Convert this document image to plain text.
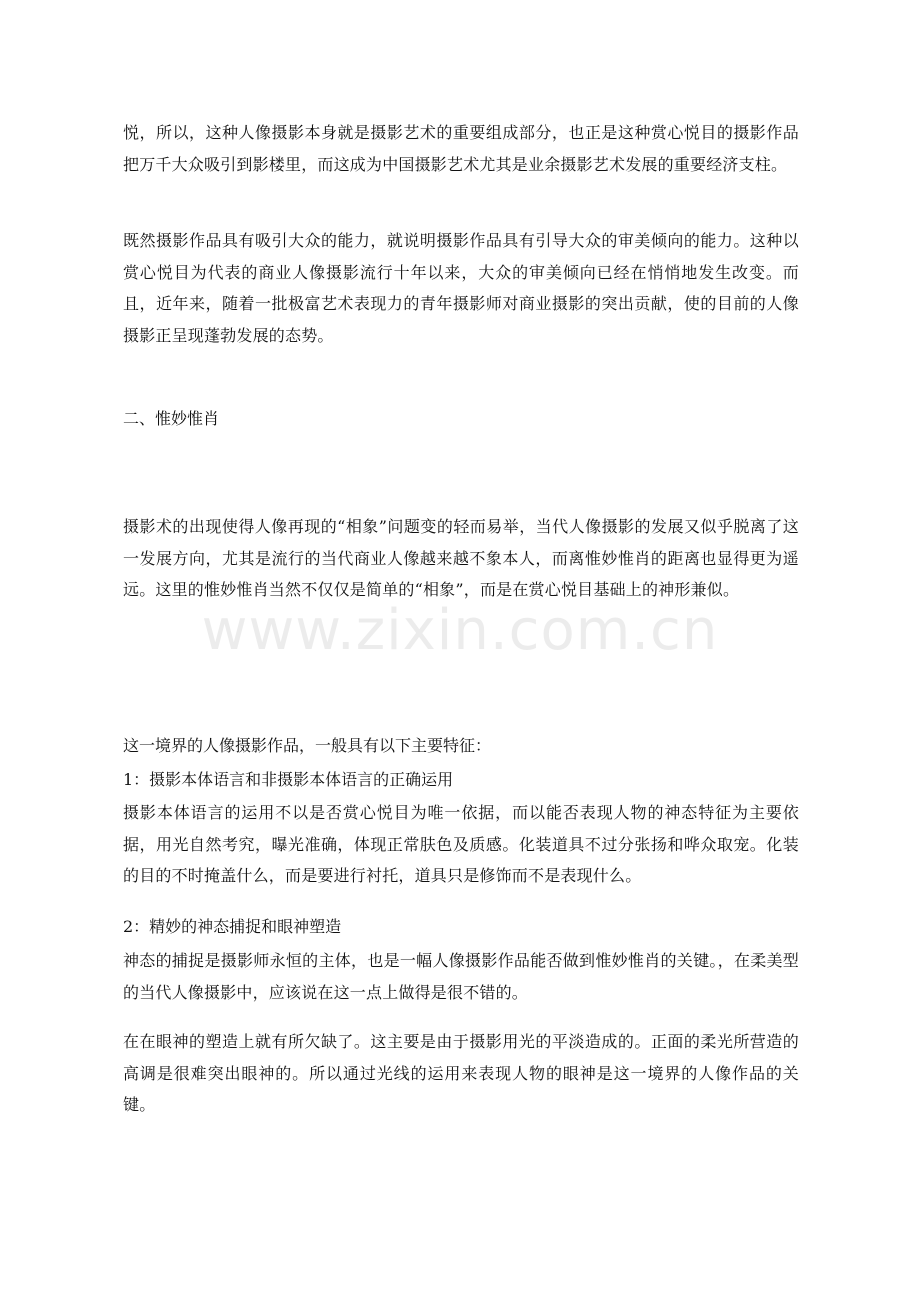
悦，所以，这种人像摄影本身就是摄影艺术的重要组成部分，也正是这种赏心悦目的摄影作品把万千大众吸引到影楼里，而这成为中国摄影艺术尤其是业余摄影艺术发展的重要经济支柱。

既然摄影作品具有吸引大众的能力，就说明摄影作品具有引导大众的审美倾向的能力。这种以赏心悦目为代表的商业人像摄影流行十年以来，大众的审美倾向已经在悄悄地发生改变。而且，近年来，随着一批极富艺术表现力的青年摄影师对商业摄影的突出贡献，使的目前的人像摄影正呈现蓬勃发展的态势。

二、惟妙惟肖

摄影术的出现使得人像再现的“相象”问题变的轻而易举，当代人像摄影的发展又似乎脱离了这一发展方向，尤其是流行的当代商业人像越来越不象本人，而离惟妙惟肖的距离也显得更为遥远。这里的惟妙惟肖当然不仅仅是简单的“相象”，而是在赏心悦目基础上的神形兼似。

这一境界的人像摄影作品，一般具有以下主要特征：

1：摄影本体语言和非摄影本体语言的正确运用

摄影本体语言的运用不以是否赏心悦目为唯一依据，而以能否表现人物的神态特征为主要依据，用光自然考究，曝光准确，体现正常肤色及质感。化装道具不过分张扬和哗众取宠。化装的目的不时掩盖什么，而是要进行衬托，道具只是修饰而不是表现什么。

2：精妙的神态捕捉和眼神塑造

神态的捕捉是摄影师永恒的主体，也是一幅人像摄影作品能否做到惟妙惟肖的关键。，在柔美型的当代人像摄影中，应该说在这一点上做得是很不错的。

在在眼神的塑造上就有所欠缺了。这主要是由于摄影用光的平淡造成的。正面的柔光所营造的高调是很难突出眼神的。所以通过光线的运用来表现人物的眼神是这一境界的人像作品的关键。

www.zixin.com.cn
